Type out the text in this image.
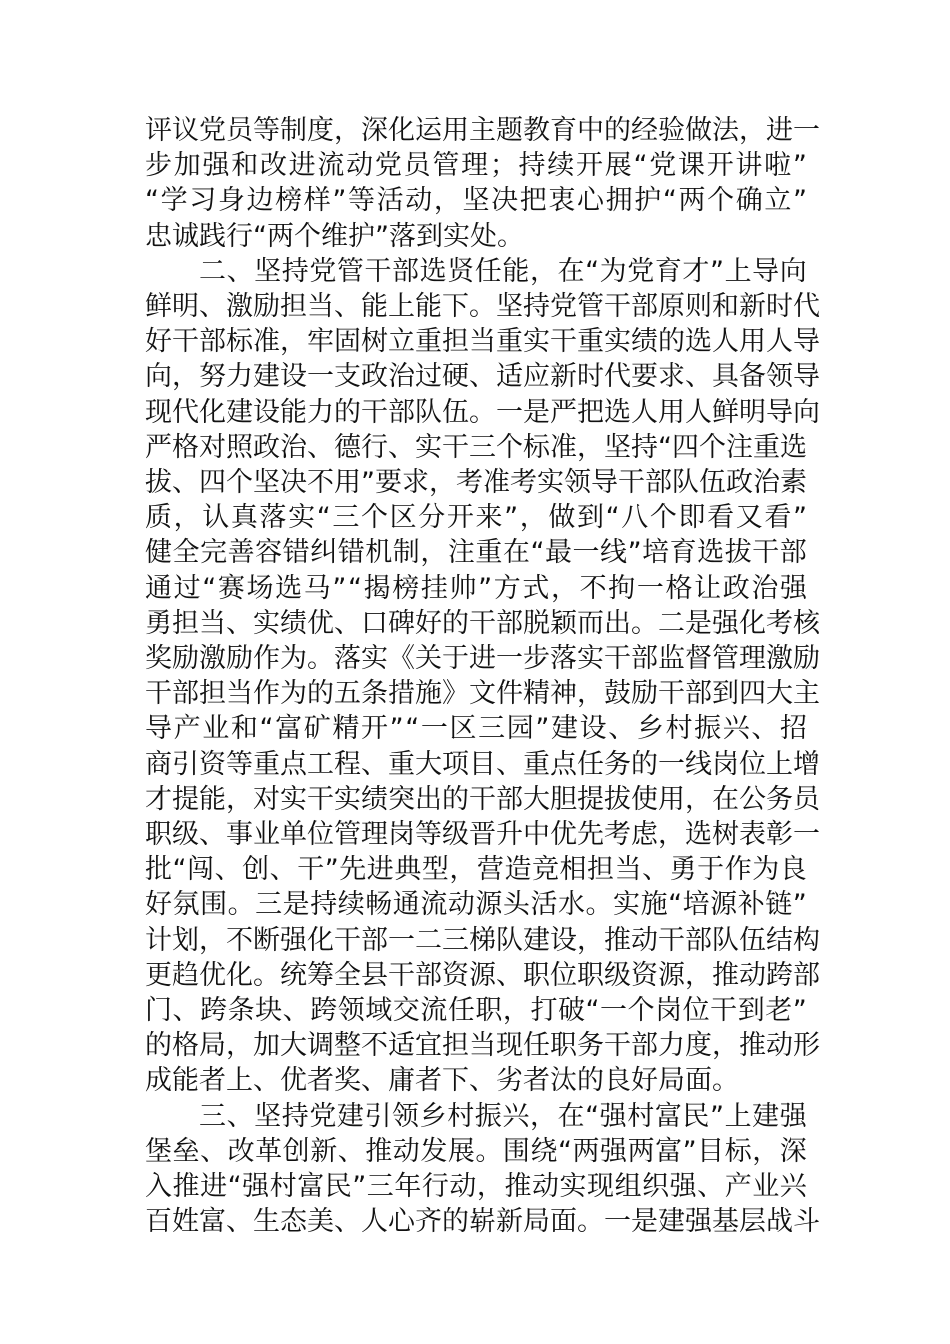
评 议 党 员 等 制 度 ， 深 化 运 用 主 题 教 育 中 的 经 验 做 法 ， 进 一
步 加 强 和 改 进 流 动 党 员 管 理 ； 持 续 开 展 “ 党 课 开 讲 啦 ”
“ 学 习 身 边 榜 样 ” 等 活 动 ， 坚 决 把 衷 心 拥 护 “ 两 个 确 立 ”
忠诚践行“两个维护”落到实处。
二 、 坚 持 党 管 干 部 选 贤 任 能 ， 在 “ 为 党 育 才 ” 上 导 向
鲜 明 、 激 励 担 当 、 能 上 能 下 。 坚 持 党 管 干 部 原 则 和 新 时 代
好 干 部 标 准 ， 牢 固 树 立 重 担 当 重 实 干 重 实 绩 的 选 人 用 人 导
向 ， 努 力 建 设 一 支 政 治 过 硬 、 适 应 新 时 代 要 求 、 具 备 领 导
现 代 化 建 设 能 力 的 干 部 队 伍 。 一 是 严 把 选 人 用 人 鲜 明 导 向
严 格 对 照 政 治 、 德 行 、 实 干 三 个 标 准 ， 坚 持 “ 四 个 注 重 选
拔 、 四 个 坚 决 不 用 ” 要 求 ， 考 准 考 实 领 导 干 部 队 伍 政 治 素
质 ， 认 真 落 实 “ 三 个 区 分 开 来 ” ， 做 到 “ 八 个 即 看 又 看 ”
健 全 完 善 容 错 纠 错 机 制 ， 注 重 在 “ 最 一 线 ” 培 育 选 拔 干 部
通 过 “ 赛 场 选 马 ” “ 揭 榜 挂 帅 ” 方 式 ， 不 拘 一 格 让 政 治 强
勇 担 当 、 实 绩 优 、 口 碑 好 的 干 部 脱 颖 而 出 。 二 是 强 化 考 核
奖 励 激 励 作 为 。 落 实 《 关 于 进 一 步 落 实 干 部 监 督 管 理 激 励
干 部 担 当 作 为 的 五 条 措 施 》 文 件 精 神 ， 鼓 励 干 部 到 四 大 主
导 产 业 和 “ 富 矿 精 开 ” “ 一 区 三 园 ” 建 设 、 乡 村 振 兴 、 招
商 引 资 等 重 点 工 程 、 重 大 项 目 、 重 点 任 务 的 一 线 岗 位 上 增
才 提 能 ， 对 实 干 实 绩 突 出 的 干 部 大 胆 提 拔 使 用 ， 在 公 务 员
职 级 、 事 业 单 位 管 理 岗 等 级 晋 升 中 优 先 考 虑 ， 选 树 表 彰 一
批 “ 闯 、 创 、 干 ” 先 进 典 型 ， 营 造 竞 相 担 当 、 勇 于 作 为 良
好 氛 围 。 三 是 持 续 畅 通 流 动 源 头 活 水 。 实 施 “ 培 源 补 链 ”
计 划 ， 不 断 强 化 干 部 一 二 三 梯 队 建 设 ， 推 动 干 部 队 伍 结 构
更 趋 优 化 。 统 筹 全 县 干 部 资 源 、 职 位 职 级 资 源 ， 推 动 跨 部
门 、 跨 条 块 、 跨 领 域 交 流 任 职 ， 打 破 “ 一 个 岗 位 干 到 老 ”
的 格 局 ， 加 大 调 整 不 适 宜 担 当 现 任 职 务 干 部 力 度 ， 推 动 形
成能者上、优者奖、庸者下、劣者汰的良好局面。
三 、 坚 持 党 建 引 领 乡 村 振 兴 ， 在 “ 强 村 富 民 ” 上 建 强
堡 垒 、 改 革 创 新 、 推 动 发 展 。 围 绕 “ 两 强 两 富 ” 目 标 ， 深
入 推 进 “ 强 村 富 民 ” 三 年 行 动 ， 推 动 实 现 组 织 强 、 产 业 兴
百 姓 富 、 生 态 美 、 人 心 齐 的 崭 新 局 面 。 一 是 建 强 基 层 战 斗
